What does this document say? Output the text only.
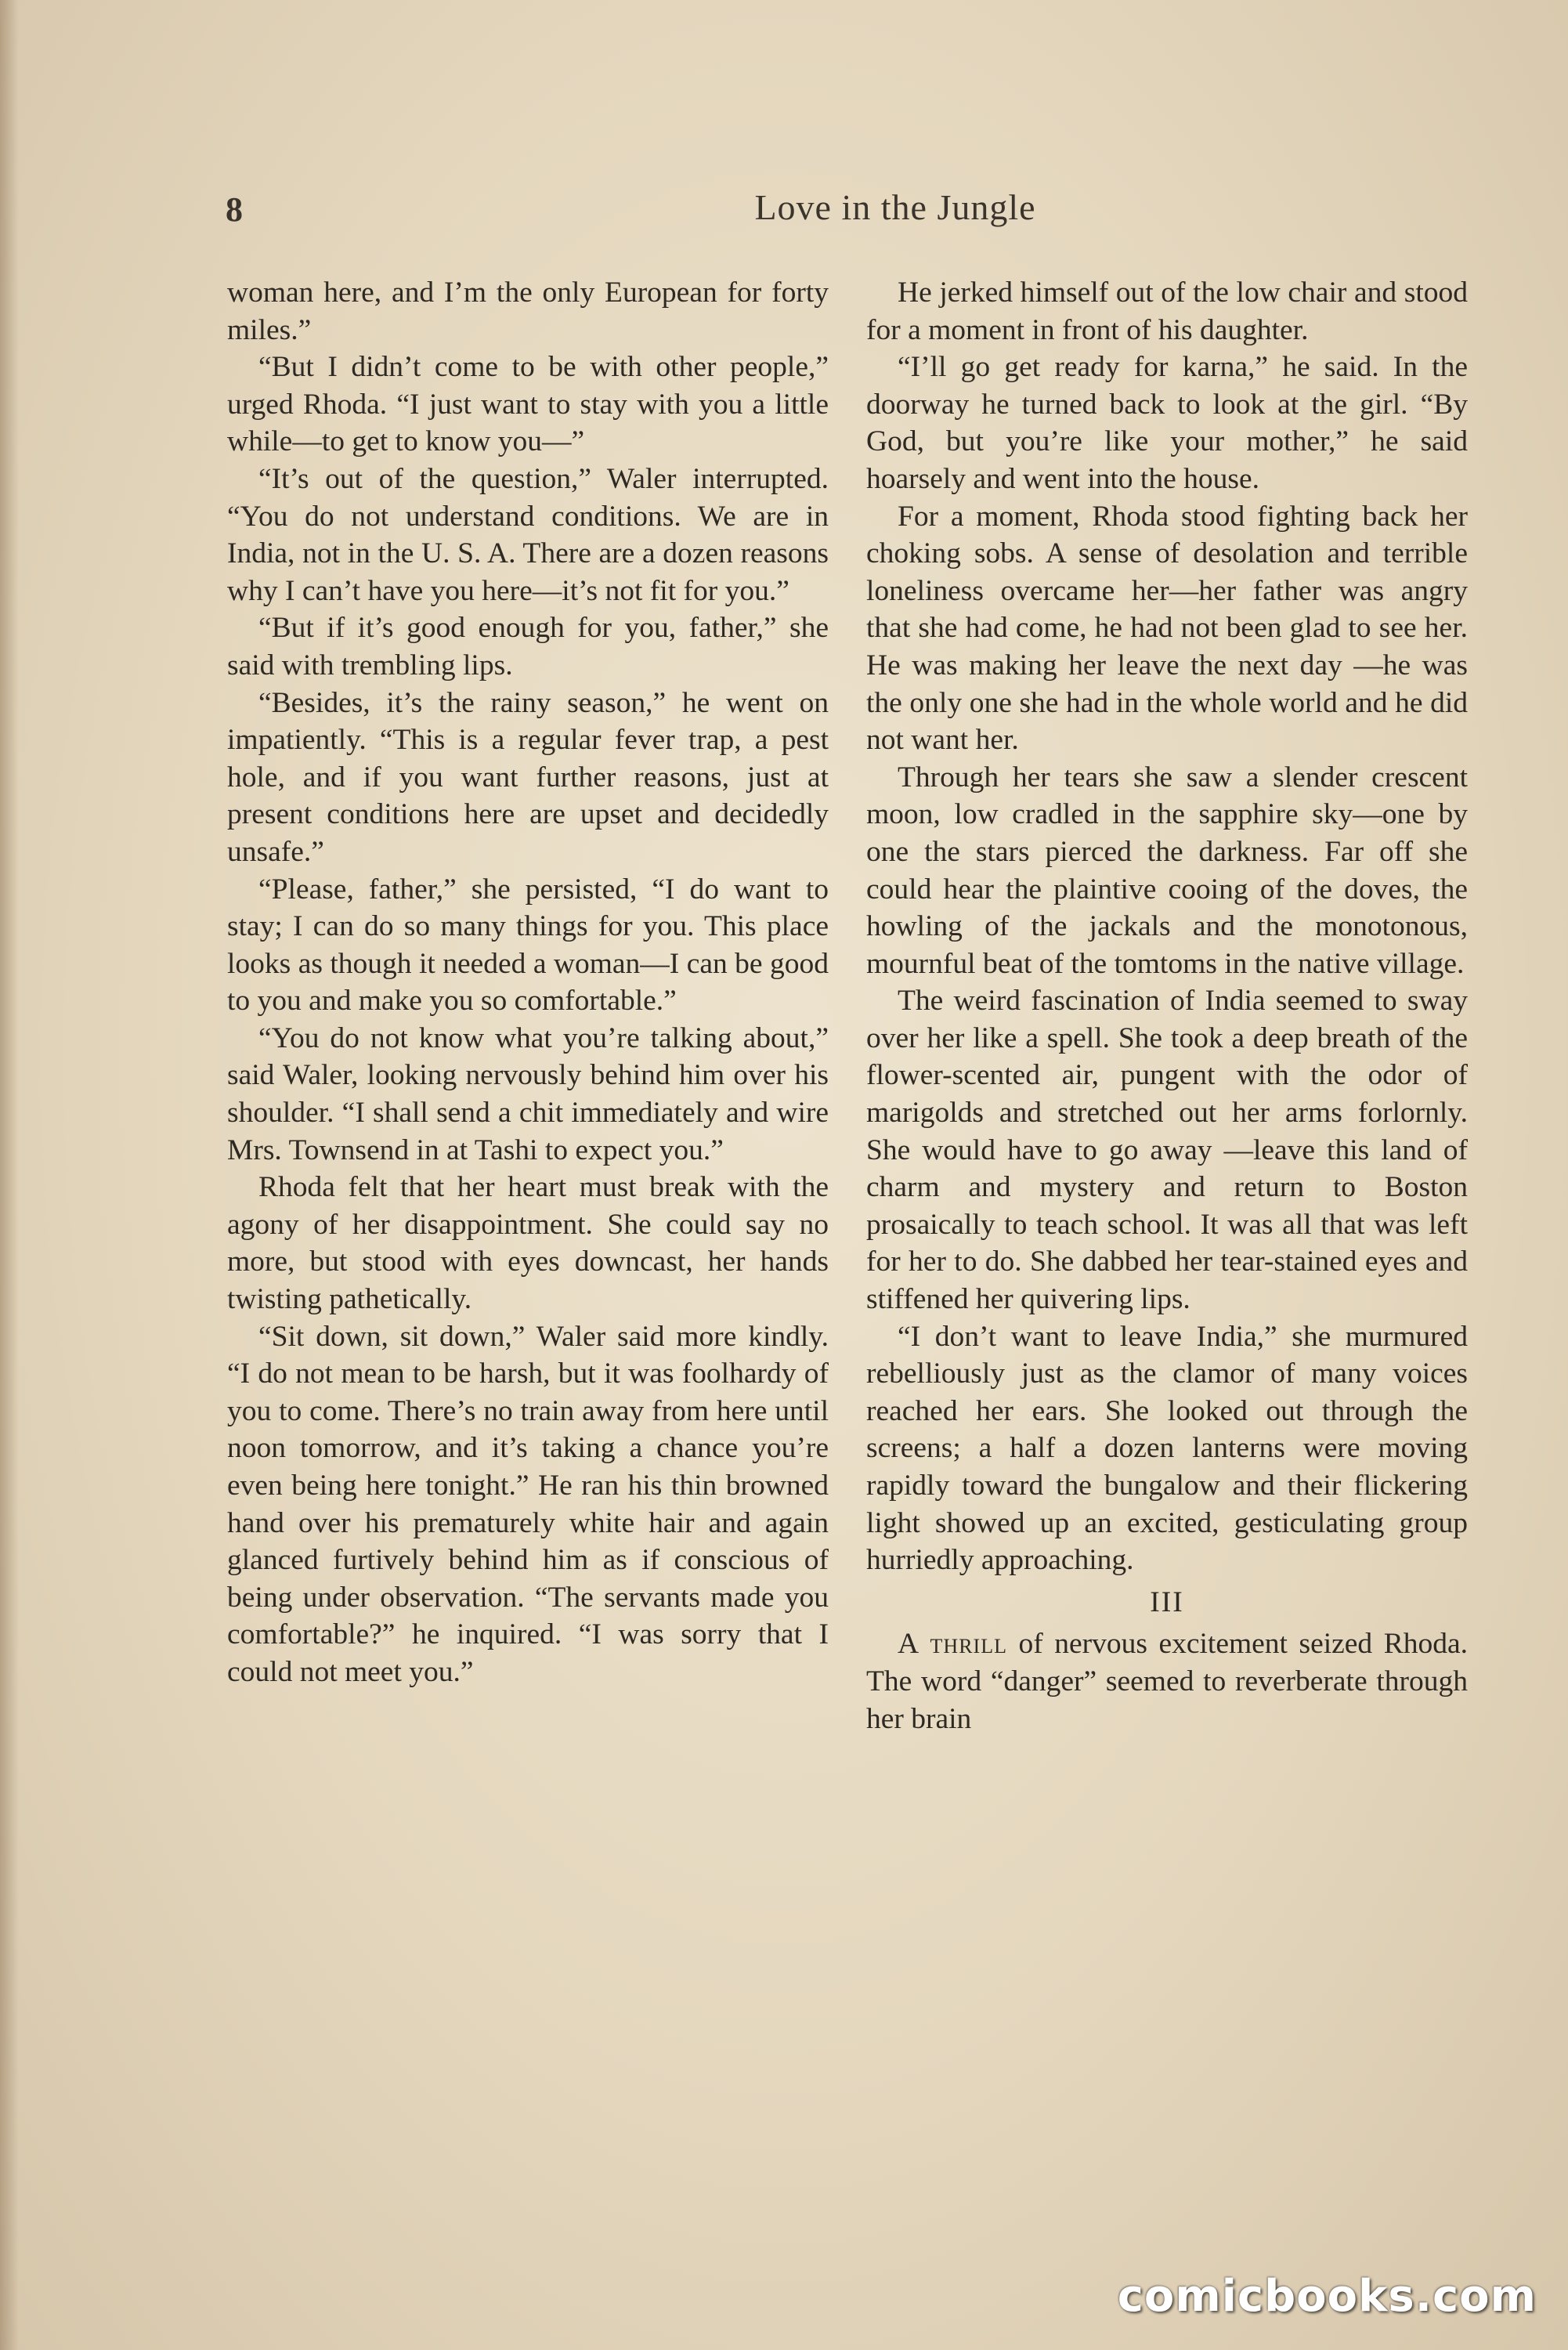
8	Love in the Jungle

woman here, and I’m the only European for forty miles.”

“But I didn’t come to be with other people,” urged Rhoda. “I just want to stay with you a little while—to get to know you—”

“It’s out of the question,” Waler interrupted. “You do not understand conditions. We are in India, not in the U. S. A. There are a dozen reasons why I can’t have you here—it’s not fit for you.”

“But if it’s good enough for you, father,” she said with trembling lips.

“Besides, it’s the rainy season,” he went on impatiently. “This is a regular fever trap, a pest hole, and if you want further reasons, just at present conditions here are upset and decidedly unsafe.”

“Please, father,” she persisted, “I do want to stay; I can do so many things for you. This place looks as though it needed a woman—I can be good to you and make you so comfortable.”

“You do not know what you’re talking about,” said Waler, looking nervously behind him over his shoulder. “I shall send a chit immediately and wire Mrs. Townsend in at Tashi to expect you.”

Rhoda felt that her heart must break with the agony of her disappointment. She could say no more, but stood with eyes downcast, her hands twisting pathetically.

“Sit down, sit down,” Waler said more kindly. “I do not mean to be harsh, but it was foolhardy of you to come. There’s no train away from here until noon tomorrow, and it’s taking a chance you’re even being here tonight.” He ran his thin browned hand over his prematurely white hair and again glanced furtively behind him as if conscious of being under observation. “The servants made you comfortable?” he inquired. “I was sorry that I could not meet you.”

He jerked himself out of the low chair and stood for a moment in front of his daughter.

“I’ll go get ready for karna,” he said. In the doorway he turned back to look at the girl. “By God, but you’re like your mother,” he said hoarsely and went into the house.

For a moment, Rhoda stood fighting back her choking sobs. A sense of desolation and terrible loneliness overcame her—her father was angry that she had come, he had not been glad to see her. He was making her leave the next day —he was the only one she had in the whole world and he did not want her.

Through her tears she saw a slender crescent moon, low cradled in the sapphire sky—one by one the stars pierced the darkness. Far off she could hear the plaintive cooing of the doves, the howling of the jackals and the monotonous, mournful beat of the tomtoms in the native village.

The weird fascination of India seemed to sway over her like a spell. She took a deep breath of the flower-scented air, pungent with the odor of marigolds and stretched out her arms forlornly. She would have to go away —leave this land of charm and mystery and return to Boston prosaically to teach school. It was all that was left for her to do. She dabbed her tear-stained eyes and stiffened her quivering lips.

“I don’t want to leave India,” she murmured rebelliously just as the clamor of many voices reached her ears. She looked out through the screens; a half a dozen lanterns were moving rapidly toward the bungalow and their flickering light showed up an excited, gesticulating group hurriedly approaching.

III

A thrill of nervous excitement seized Rhoda. The word “danger” seemed to reverberate through her brain

comicbooks.com
